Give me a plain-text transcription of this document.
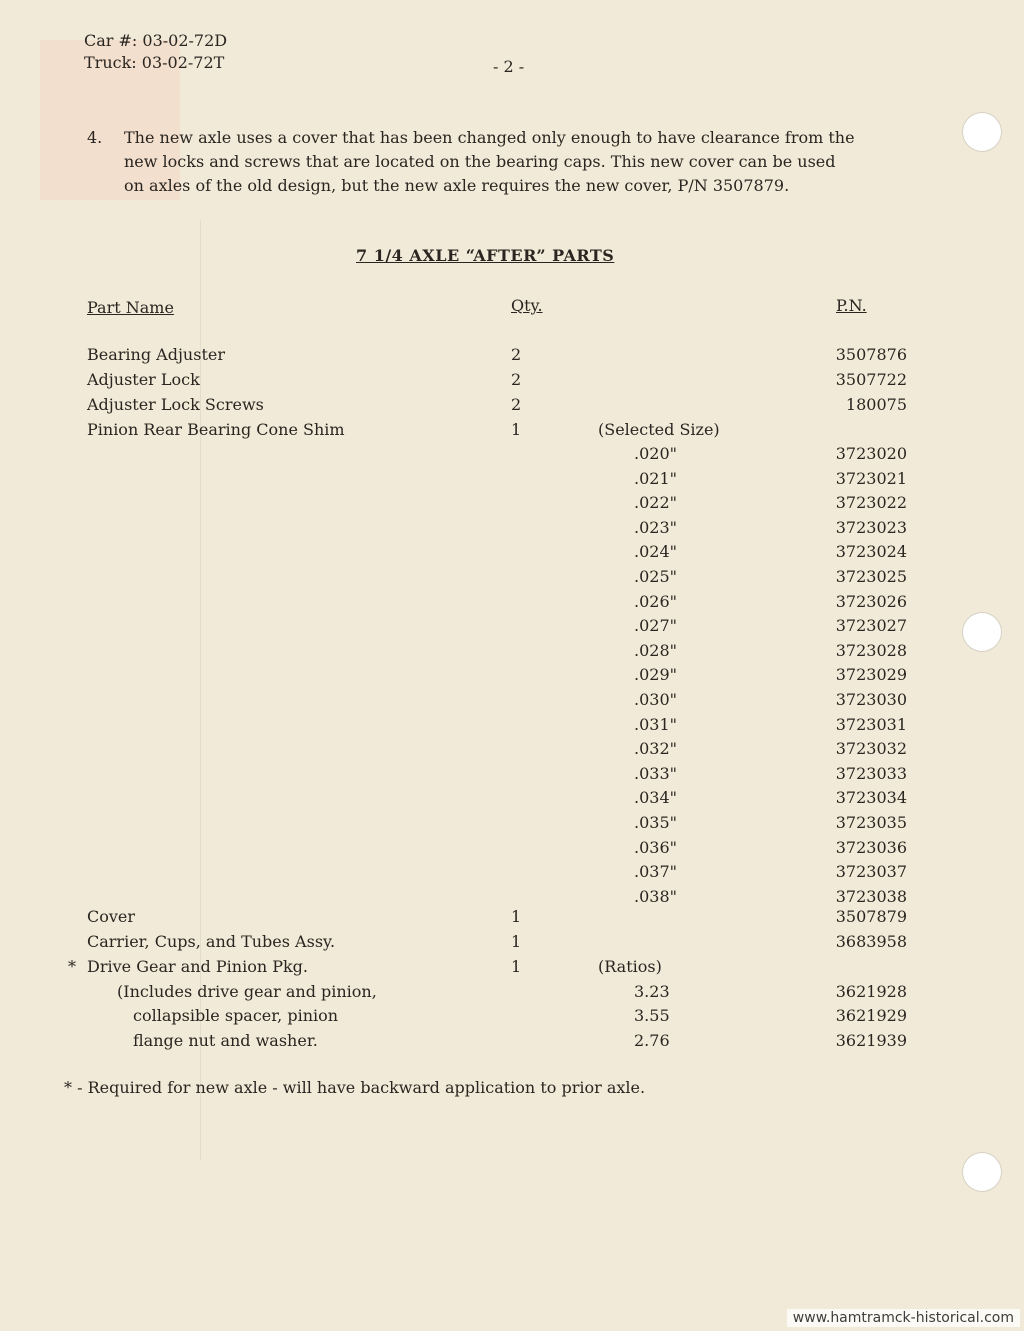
Car #: 03-02-72D
Truck: 03-02-72T	- 2 -
4. The new axle uses a cover that has been changed only enough to have clearance from the
new locks and screws that are located on the bearing caps. This new cover can be used
on axles of the old design, but the new axle requires the new cover, P/N 3507879.
7 1/4 AXLE “AFTER” PARTS
Part Name	Qty.	P.N.
Bearing Adjuster	2	3507876
Adjuster Lock	2	3507722
Adjuster Lock Screws	2	180075
Pinion Rear Bearing Cone Shim	1	(Selected Size)
.020"	3723020
.021"	3723021
.022"	3723022
.023"	3723023
.024"	3723024
.025"	3723025
.026"	3723026
.027"	3723027
.028"	3723028
.029"	3723029
.030"	3723030
.031"	3723031
.032"	3723032
.033"	3723033
.034"	3723034
.035"	3723035
.036"	3723036
.037"	3723037
.038"	3723038
Cover	1	3507879
Carrier, Cups, and Tubes Assy.	1	3683958
* Drive Gear and Pinion Pkg.	1	(Ratios)
(Includes drive gear and pinion,	3.23	3621928
collapsible spacer, pinion	3.55	3621929
flange nut and washer.	2.76	3621939
* - Required for new axle - will have backward application to prior axle.
www.hamtramck-historical.com
